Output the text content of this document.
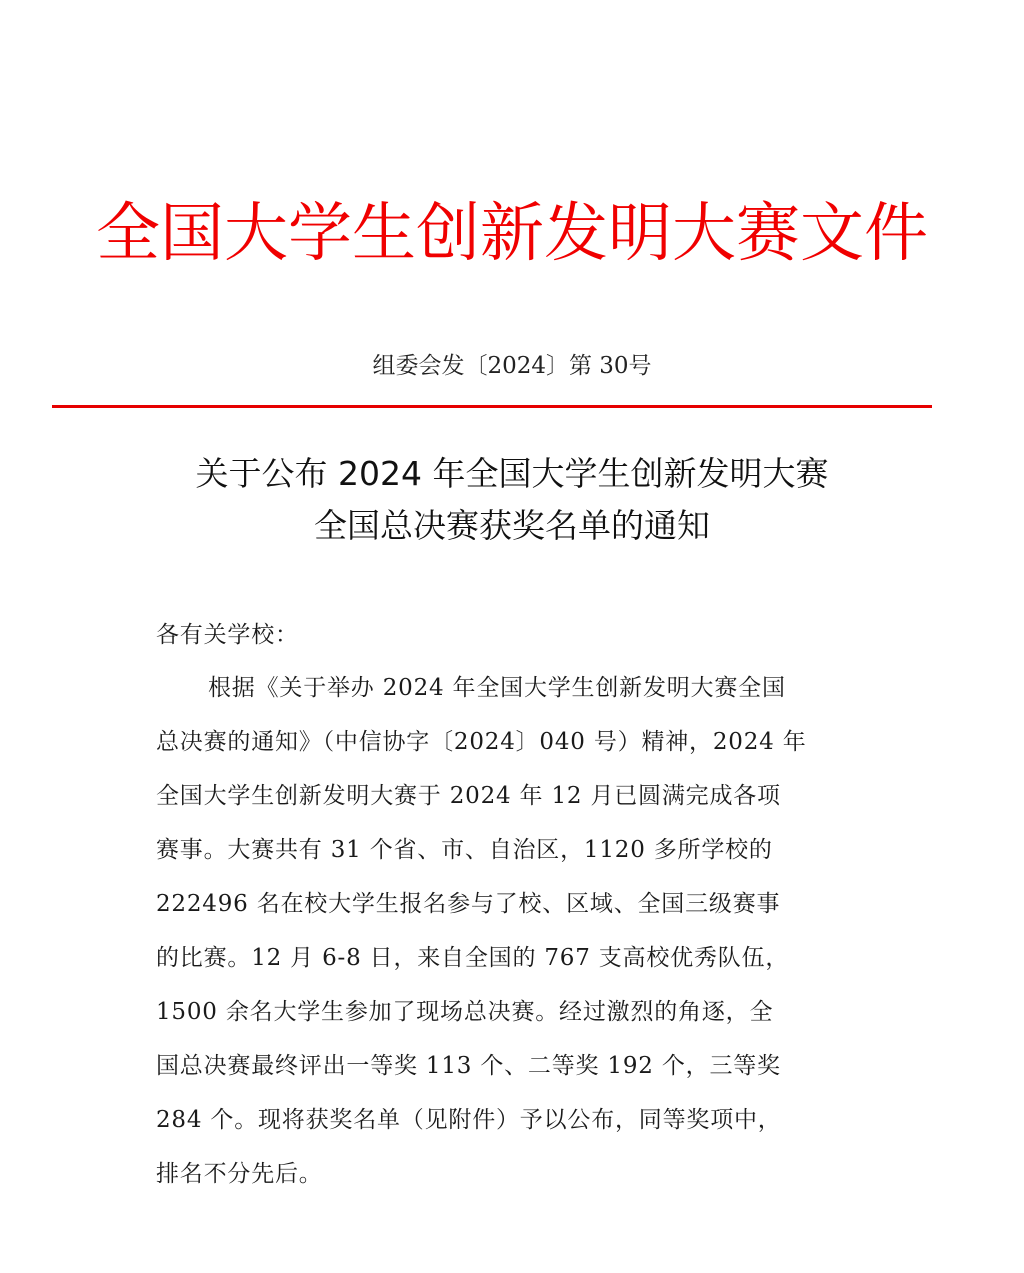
全国大学生创新发明大赛文件
组委会发〔2024〕第 30号
关于公布 2024 年全国大学生创新发明大赛
全国总决赛获奖名单的通知
各有关学校：
根据《关于举办 2024 年全国大学生创新发明大赛全国
总决赛的通知》（中信协字〔2024〕040 号）精神，2024 年
全国大学生创新发明大赛于 2024 年 12 月已圆满完成各项
赛事。大赛共有 31 个省、市、自治区，1120 多所学校的
222496 名在校大学生报名参与了校、区域、全国三级赛事
的比赛。12 月 6-8 日，来自全国的 767 支高校优秀队伍，
1500 余名大学生参加了现场总决赛。经过激烈的角逐，全
国总决赛最终评出一等奖 113 个、二等奖 192 个，三等奖
284 个。现将获奖名单（见附件）予以公布，同等奖项中，
排名不分先后。
